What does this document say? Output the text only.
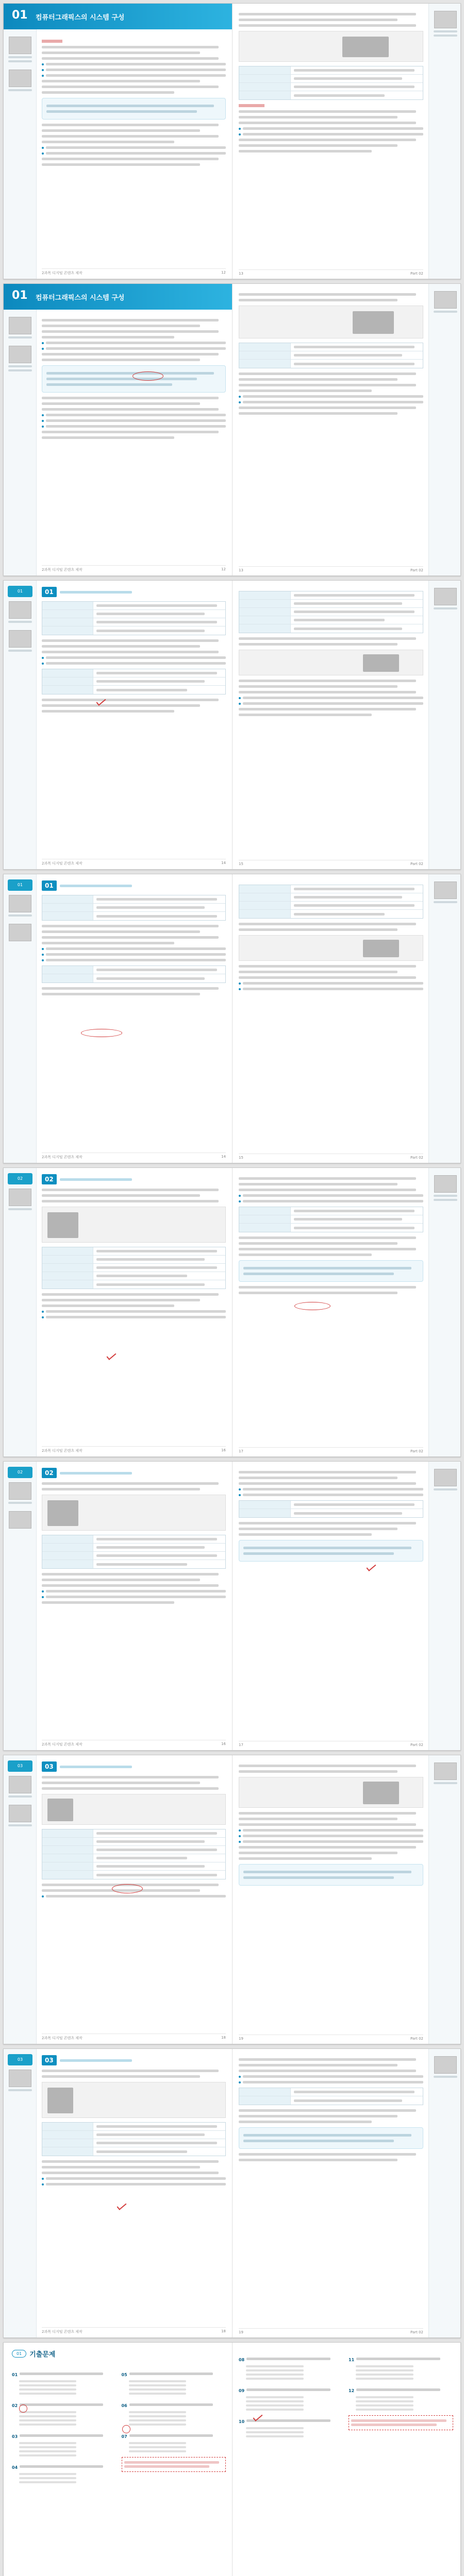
01 컴퓨터그래픽스의 시스템 구성
2과목 디지털 콘텐츠 제작	12	13	Part 02
01 컴퓨터그래픽스의 시스템 구성
2과목 디지털 콘텐츠 제작	12	13	Part 02
01	01
2과목 디지털 콘텐츠 제작	14	15	Part 02
01	01
2과목 디지털 콘텐츠 제작	14	15	Part 02
02	02
2과목 디지털 콘텐츠 제작	16	17	Part 02
02	02
2과목 디지털 콘텐츠 제작	16	17	Part 02
03	03
2과목 디지털 콘텐츠 제작	18	19	Part 02
03	03
2과목 디지털 콘텐츠 제작	18	19	Part 02
01	기출문제
01
02
03
04
05
06
07
08
09
10
11
12
